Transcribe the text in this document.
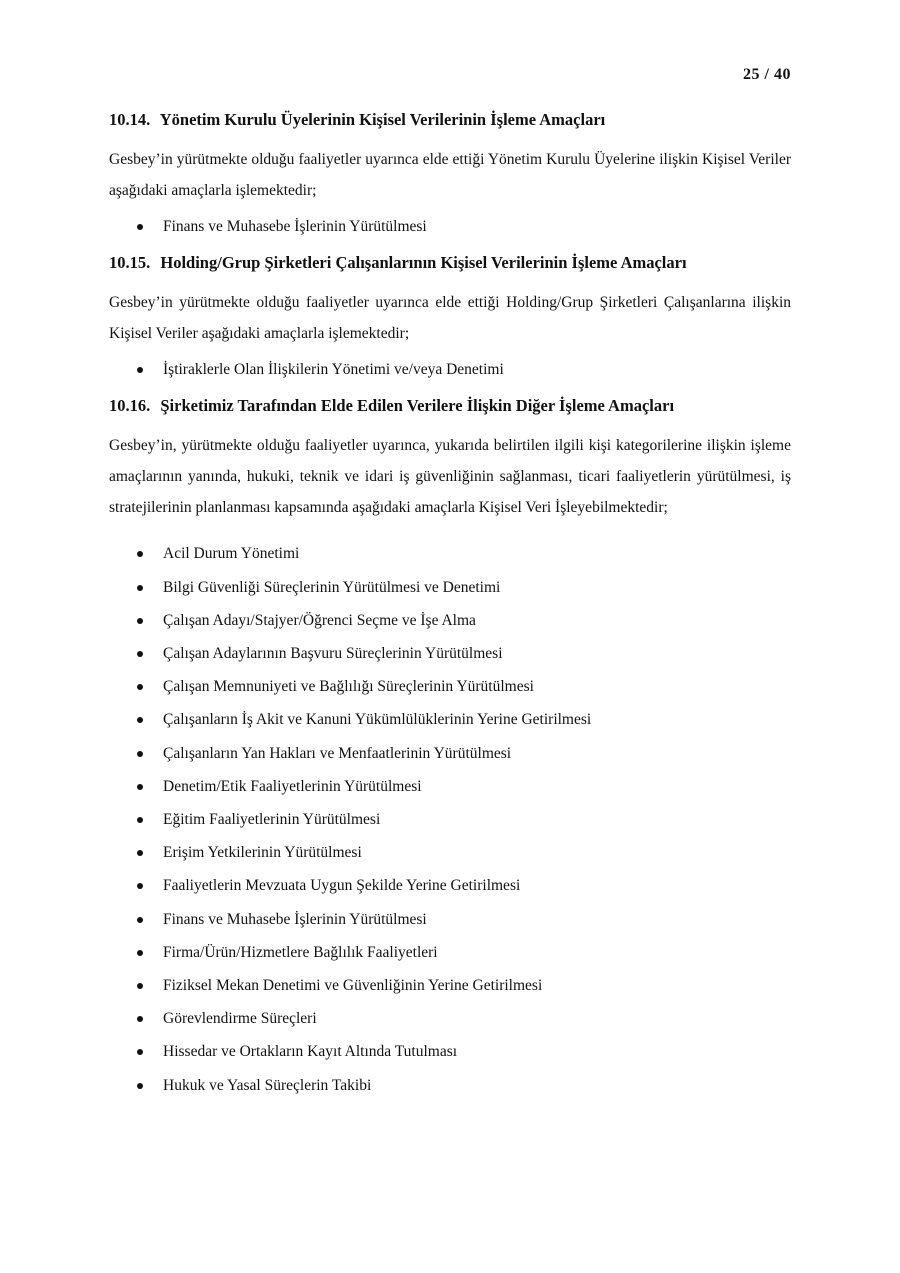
25 / 40
10.14. Yönetim Kurulu Üyelerinin Kişisel Verilerinin İşleme Amaçları

Gesbey’in yürütmekte olduğu faaliyetler uyarınca elde ettiği Yönetim Kurulu Üyelerine ilişkin Kişisel Veriler aşağıdaki amaçlarla işlemektedir;

Finans ve Muhasebe İşlerinin Yürütülmesi
10.15. Holding/Grup Şirketleri Çalışanlarının Kişisel Verilerinin İşleme Amaçları

Gesbey’in yürütmekte olduğu faaliyetler uyarınca elde ettiği Holding/Grup Şirketleri Çalışanlarına ilişkin Kişisel Veriler aşağıdaki amaçlarla işlemektedir;

İştiraklerle Olan İlişkilerin Yönetimi ve/veya Denetimi
10.16. Şirketimiz Tarafından Elde Edilen Verilere İlişkin Diğer İşleme Amaçları

Gesbey’in, yürütmekte olduğu faaliyetler uyarınca, yukarıda belirtilen ilgili kişi kategorilerine ilişkin işleme amaçlarının yanında, hukuki, teknik ve idari iş güvenliğinin sağlanması, ticari faaliyetlerin yürütülmesi, iş stratejilerinin planlanması kapsamında aşağıdaki amaçlarla Kişisel Veri İşleyebilmektedir;

Acil Durum Yönetimi
Bilgi Güvenliği Süreçlerinin Yürütülmesi ve Denetimi
Çalışan Adayı/Stajyer/Öğrenci Seçme ve İşe Alma
Çalışan Adaylarının Başvuru Süreçlerinin Yürütülmesi
Çalışan Memnuniyeti ve Bağlılığı Süreçlerinin Yürütülmesi
Çalışanların İş Akit ve Kanuni Yükümlülüklerinin Yerine Getirilmesi
Çalışanların Yan Hakları ve Menfaatlerinin Yürütülmesi
Denetim/Etik Faaliyetlerinin Yürütülmesi
Eğitim Faaliyetlerinin Yürütülmesi
Erişim Yetkilerinin Yürütülmesi
Faaliyetlerin Mevzuata Uygun Şekilde Yerine Getirilmesi
Finans ve Muhasebe İşlerinin Yürütülmesi
Firma/Ürün/Hizmetlere Bağlılık Faaliyetleri
Fiziksel Mekan Denetimi ve Güvenliğinin Yerine Getirilmesi
Görevlendirme Süreçleri
Hissedar ve Ortakların Kayıt Altında Tutulması
Hukuk ve Yasal Süreçlerin Takibi
